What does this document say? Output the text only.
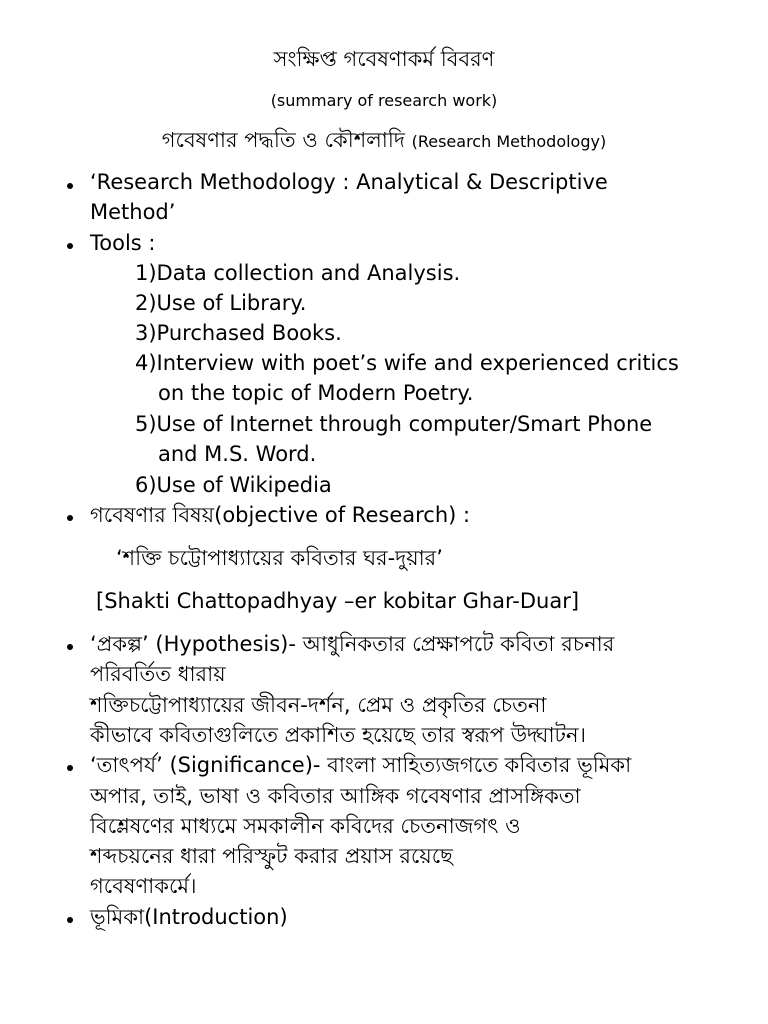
সংক্ষিপ্ত গবেষণাকর্ম বিবরণ
(summary of research work)
গবেষণার পদ্ধতি ও কৌশলাদি (Research Methodology)
‘Research Methodology : Analytical & Descriptive
Method’
Tools :
1)Data collection and Analysis.
2)Use of Library.
3)Purchased Books.
4)Interview with poet’s wife and experienced critics
on the topic of Modern Poetry.
5)Use of Internet through computer/Smart Phone
and M.S. Word.
6)Use of Wikipedia
গবেষণার বিষয়(objective of Research) :
‘শক্তি চট্টোপাধ্যায়ের কবিতার ঘর-দুয়ার’
[Shakti Chattopadhyay –er kobitar Ghar-Duar]
‘প্রকল্প’ (Hypothesis)- আধুনিকতার প্রেক্ষাপটে কবিতা রচনার
পরিবর্তিত ধারায়
শক্তিচট্টোপাধ্যায়ের জীবন-দর্শন, প্রেম ও প্রকৃতির চেতনা
কীভাবে কবিতাগুলিতে প্রকাশিত হয়েছে তার স্বরূপ উদ্ঘাটন।
‘তাৎপর্য’ (Significance)- বাংলা সাহিত্যজগতে কবিতার ভূমিকা
অপার, তাই, ভাষা ও কবিতার আঙ্গিক গবেষণার প্রাসঙ্গিকতা
বিশ্লেষণের মাধ্যমে সমকালীন কবিদের চেতনাজগৎ ও
শব্দচয়নের ধারা পরিস্ফুট করার প্রয়াস রয়েছে
গবেষণাকর্মে।
ভূমিকা(Introduction)
